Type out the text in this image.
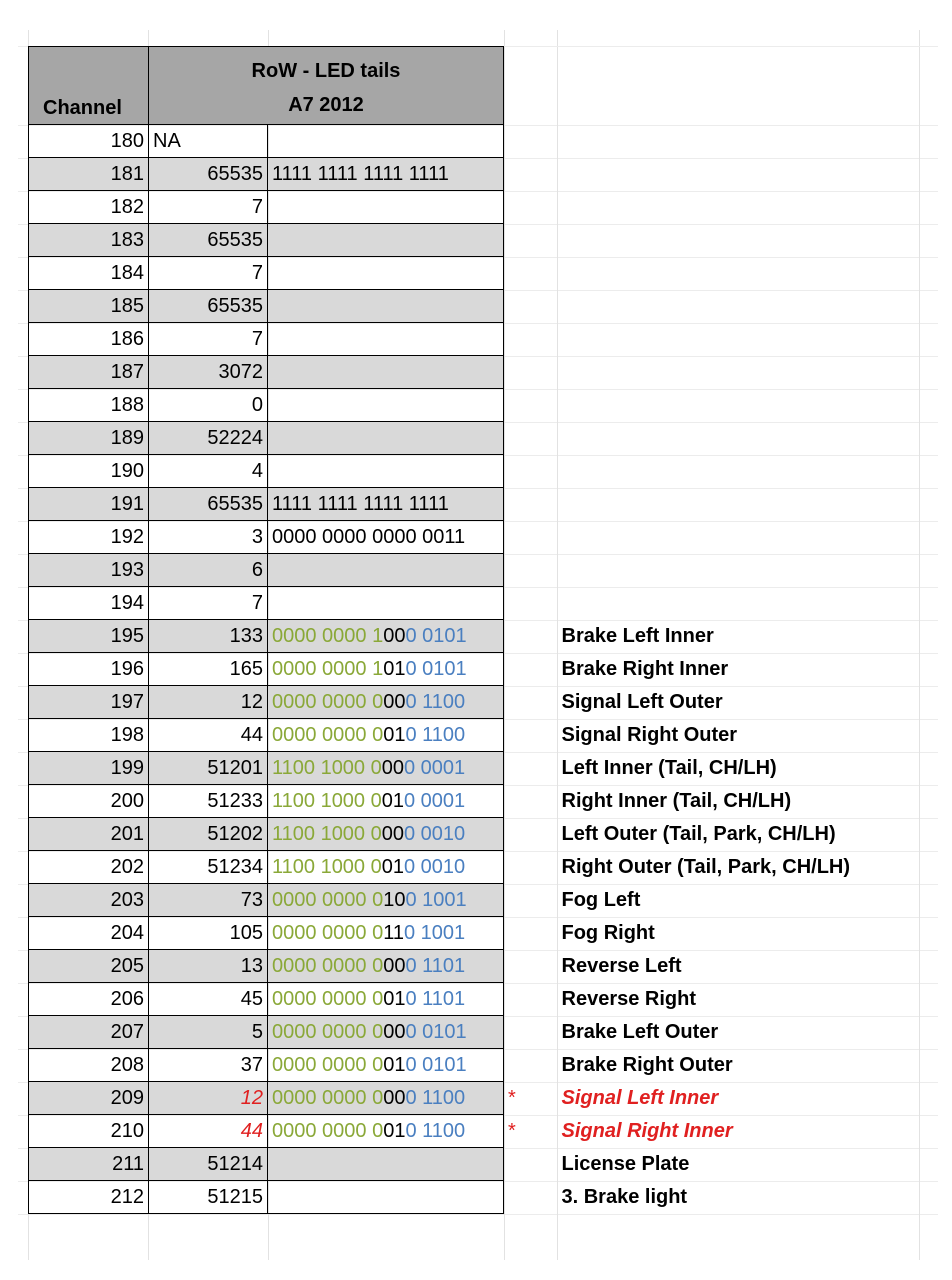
Channel	RoW - LED tails
A7 2012			

180	NA			
181	65535	1111 1111 1111 1111		
182	7			
183	65535			
184	7			
185	65535			
186	7			
187	3072			
188	0			
189	52224			
190	4			
191	65535	1111 1111 1111 1111		
192	3	0000 0000 0000 0011		
193	6			
194	7			
195	133	0000 0000 1000 0101		Brake Left Inner
196	165	0000 0000 1010 0101		Brake Right Inner
197	12	0000 0000 0000 1100		Signal Left Outer
198	44	0000 0000 0010 1100		Signal Right Outer
199	51201	1100 1000 0000 0001		Left Inner (Tail, CH/LH)
200	51233	1100 1000 0010 0001		Right Inner (Tail, CH/LH)
201	51202	1100 1000 0000 0010		Left Outer (Tail, Park, CH/LH)
202	51234	1100 1000 0010 0010		Right Outer (Tail, Park, CH/LH)
203	73	0000 0000 0100 1001		Fog Left
204	105	0000 0000 0110 1001		Fog Right
205	13	0000 0000 0000 1101		Reverse Left
206	45	0000 0000 0010 1101		Reverse Right
207	5	0000 0000 0000 0101		Brake Left Outer
208	37	0000 0000 0010 0101		Brake Right Outer
209	12	0000 0000 0000 1100	*	Signal Left Inner
210	44	0000 0000 0010 1100	*	Signal Right Inner
211	51214			License Plate
212	51215			3. Brake light
